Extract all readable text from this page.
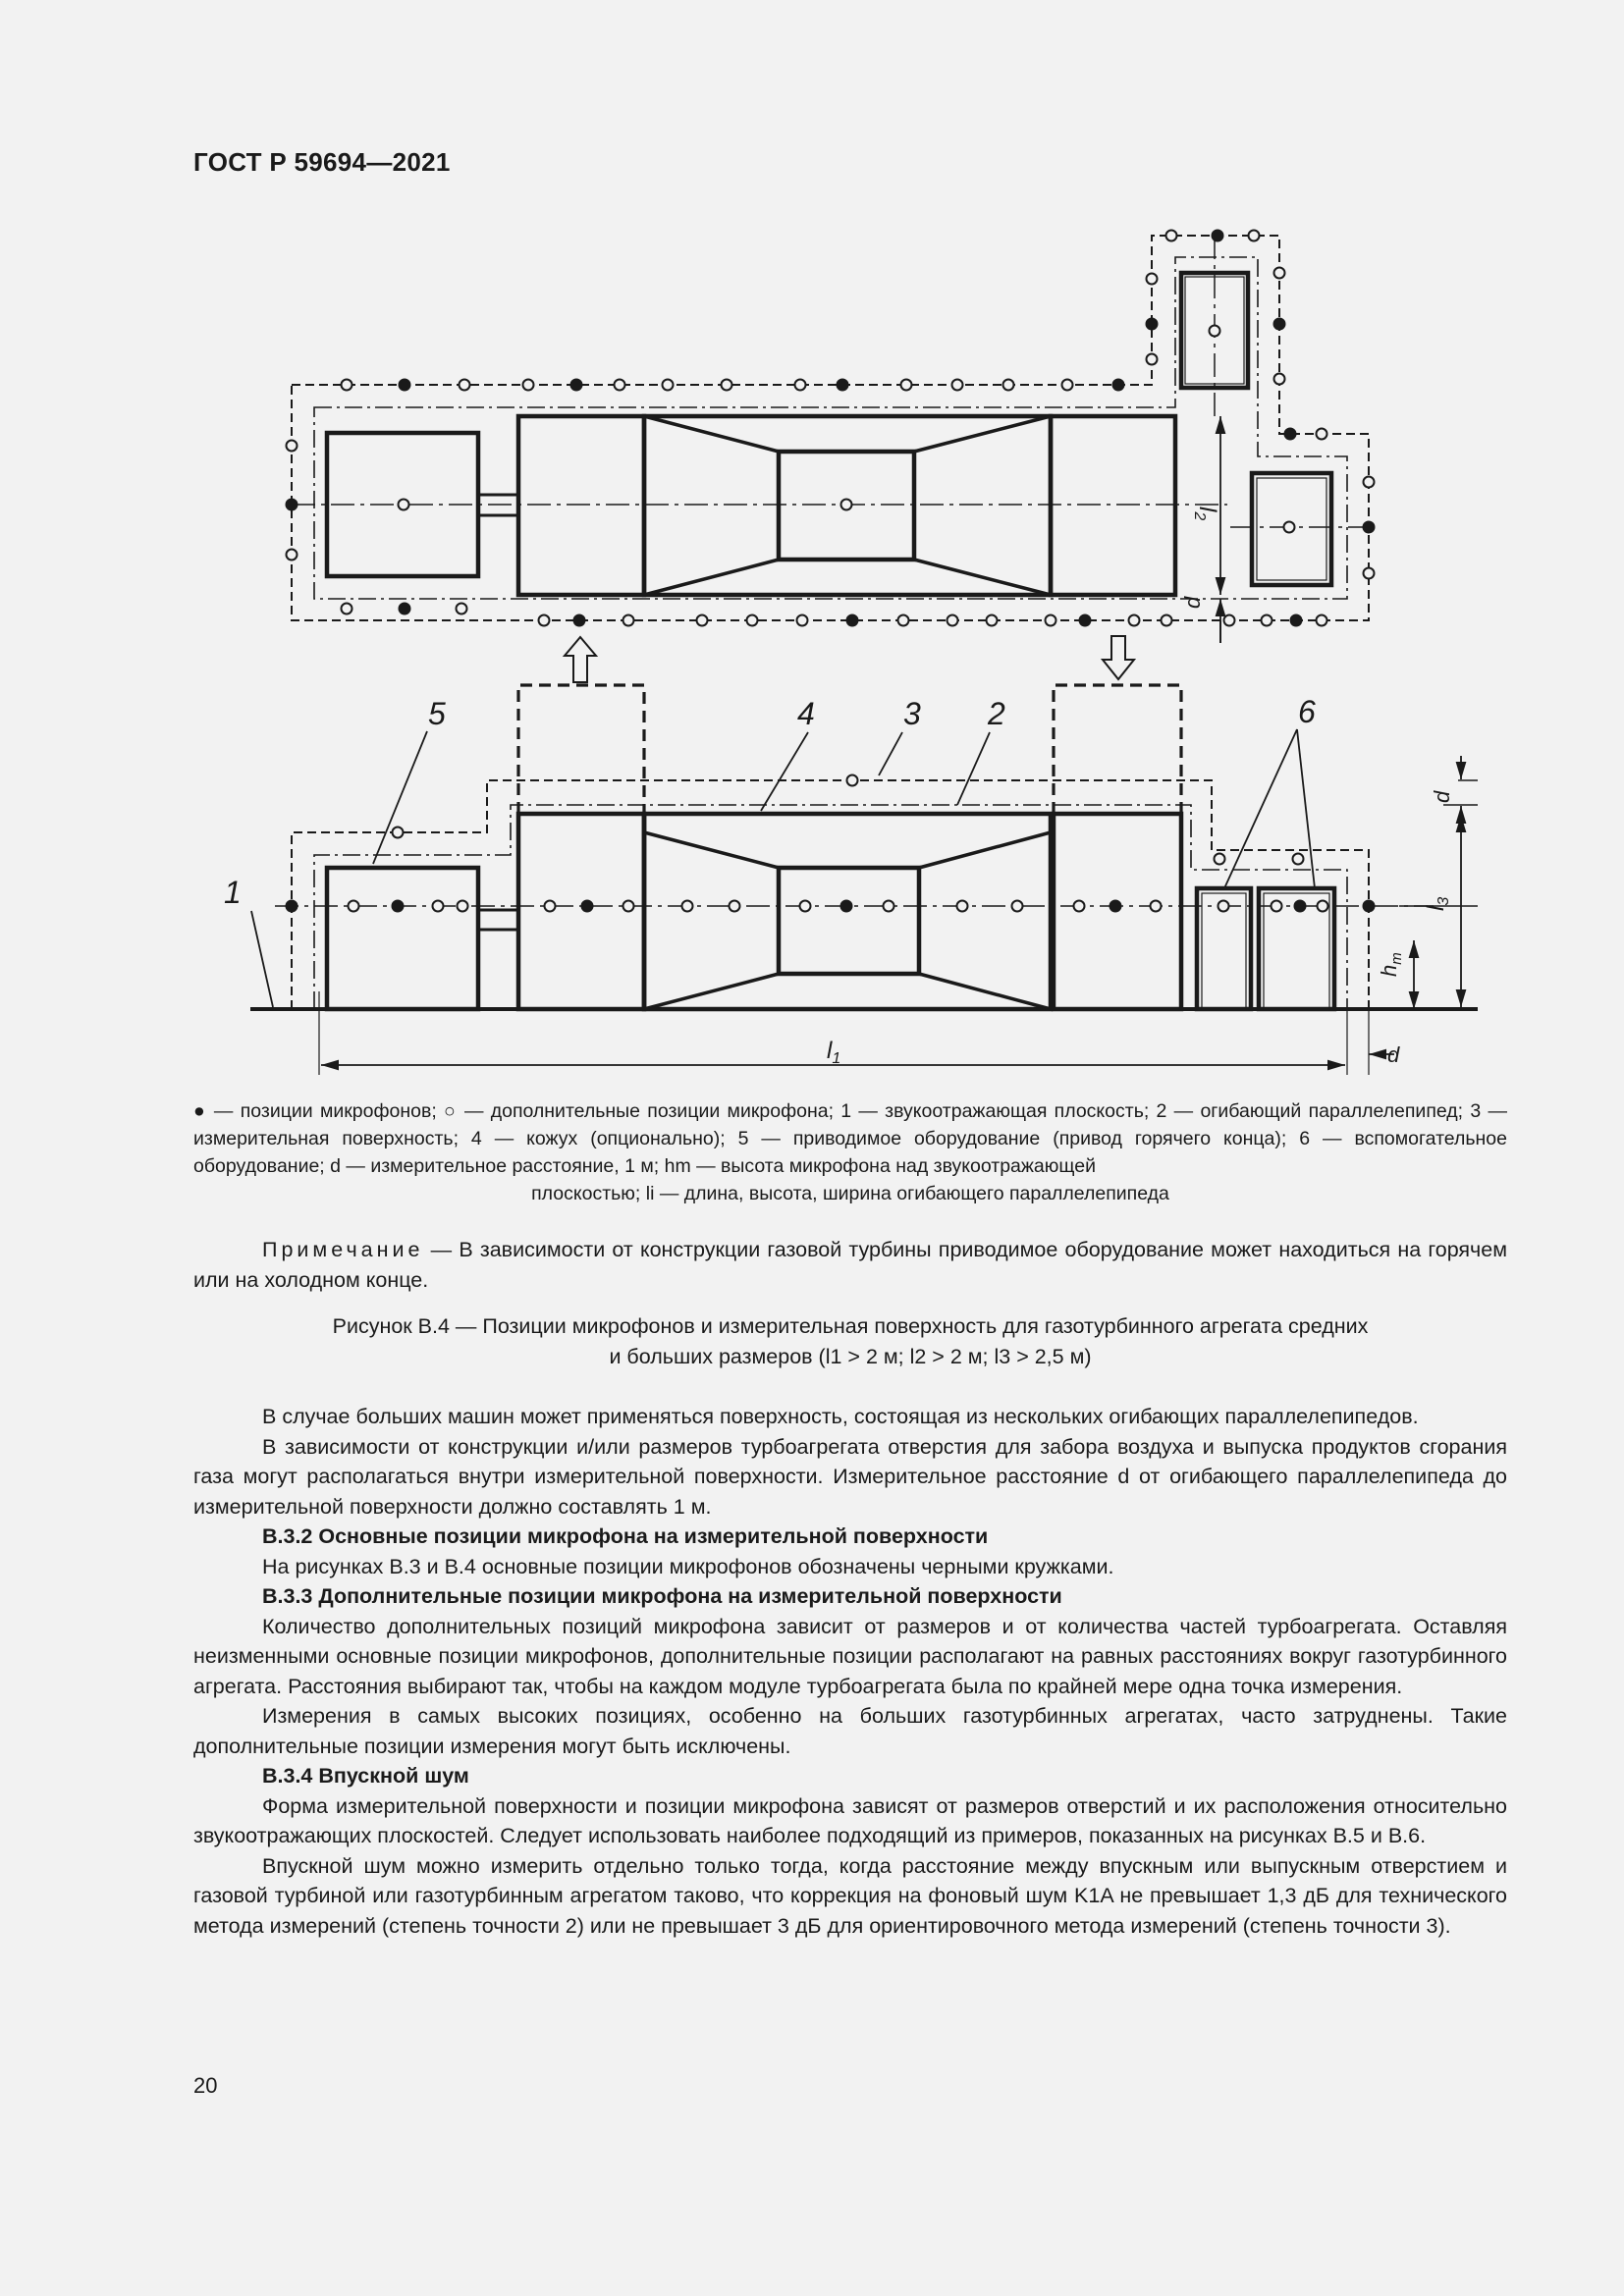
ГОСТ Р 59694—2021
$l_2$
d
1
2
3
4
5	6
$l_1$	d
$h_m$
$l_3$
d
● — позиции микрофонов; ○ — дополнительные позиции микрофона; 1 — звукоотражающая плоскость; 2 — огибающий параллелепипед; 3 — измерительная поверхность; 4 — кожух (опционально); 5 — приводимое оборудование (привод горячего конца); 6 — вспомогательное оборудование; d — измерительное расстояние, 1 м; hm — высота микрофона над звукоотражающей
плоскостью; li — длина, высота, ширина огибающего параллелепипеда

Примечание — В зависимости от конструкции газовой турбины приводимое оборудование может находиться на горячем или на холодном конце.

Рисунок В.4 — Позиции микрофонов и измерительная поверхность для газотурбинного агрегата средних

и больших размеров (l1 > 2 м; l2 > 2 м; l3 > 2,5 м)

В случае больших машин может применяться поверхность, состоящая из нескольких огибающих параллелепипедов.

В зависимости от конструкции и/или размеров турбоагрегата отверстия для забора воздуха и выпуска продуктов сгорания газа могут располагаться внутри измерительной поверхности. Измерительное расстояние d от огибающего параллелепипеда до измерительной поверхности должно составлять 1 м.

В.3.2 Основные позиции микрофона на измерительной поверхности

На рисунках В.3 и В.4 основные позиции микрофонов обозначены черными кружками.

В.3.3 Дополнительные позиции микрофона на измерительной поверхности

Количество дополнительных позиций микрофона зависит от размеров и от количества частей турбоагрегата. Оставляя неизменными основные позиции микрофонов, дополнительные позиции располагают на равных расстояниях вокруг газотурбинного агрегата. Расстояния выбирают так, чтобы на каждом модуле турбоагрегата была по крайней мере одна точка измерения.

Измерения в самых высоких позициях, особенно на больших газотурбинных агрегатах, часто затруднены. Такие дополнительные позиции измерения могут быть исключены.

В.3.4 Впускной шум

Форма измерительной поверхности и позиции микрофона зависят от размеров отверстий и их расположения относительно звукоотражающих плоскостей. Следует использовать наиболее подходящий из примеров, показанных на рисунках В.5 и В.6.

Впускной шум можно измерить отдельно только тогда, когда расстояние между впускным или выпускным отверстием и газовой турбиной или газотурбинным агрегатом таково, что коррекция на фоновый шум K1A не превышает 1,3 дБ для технического метода измерений (степень точности 2) или не превышает 3 дБ для ориентировочного метода измерений (степень точности 3).

20
